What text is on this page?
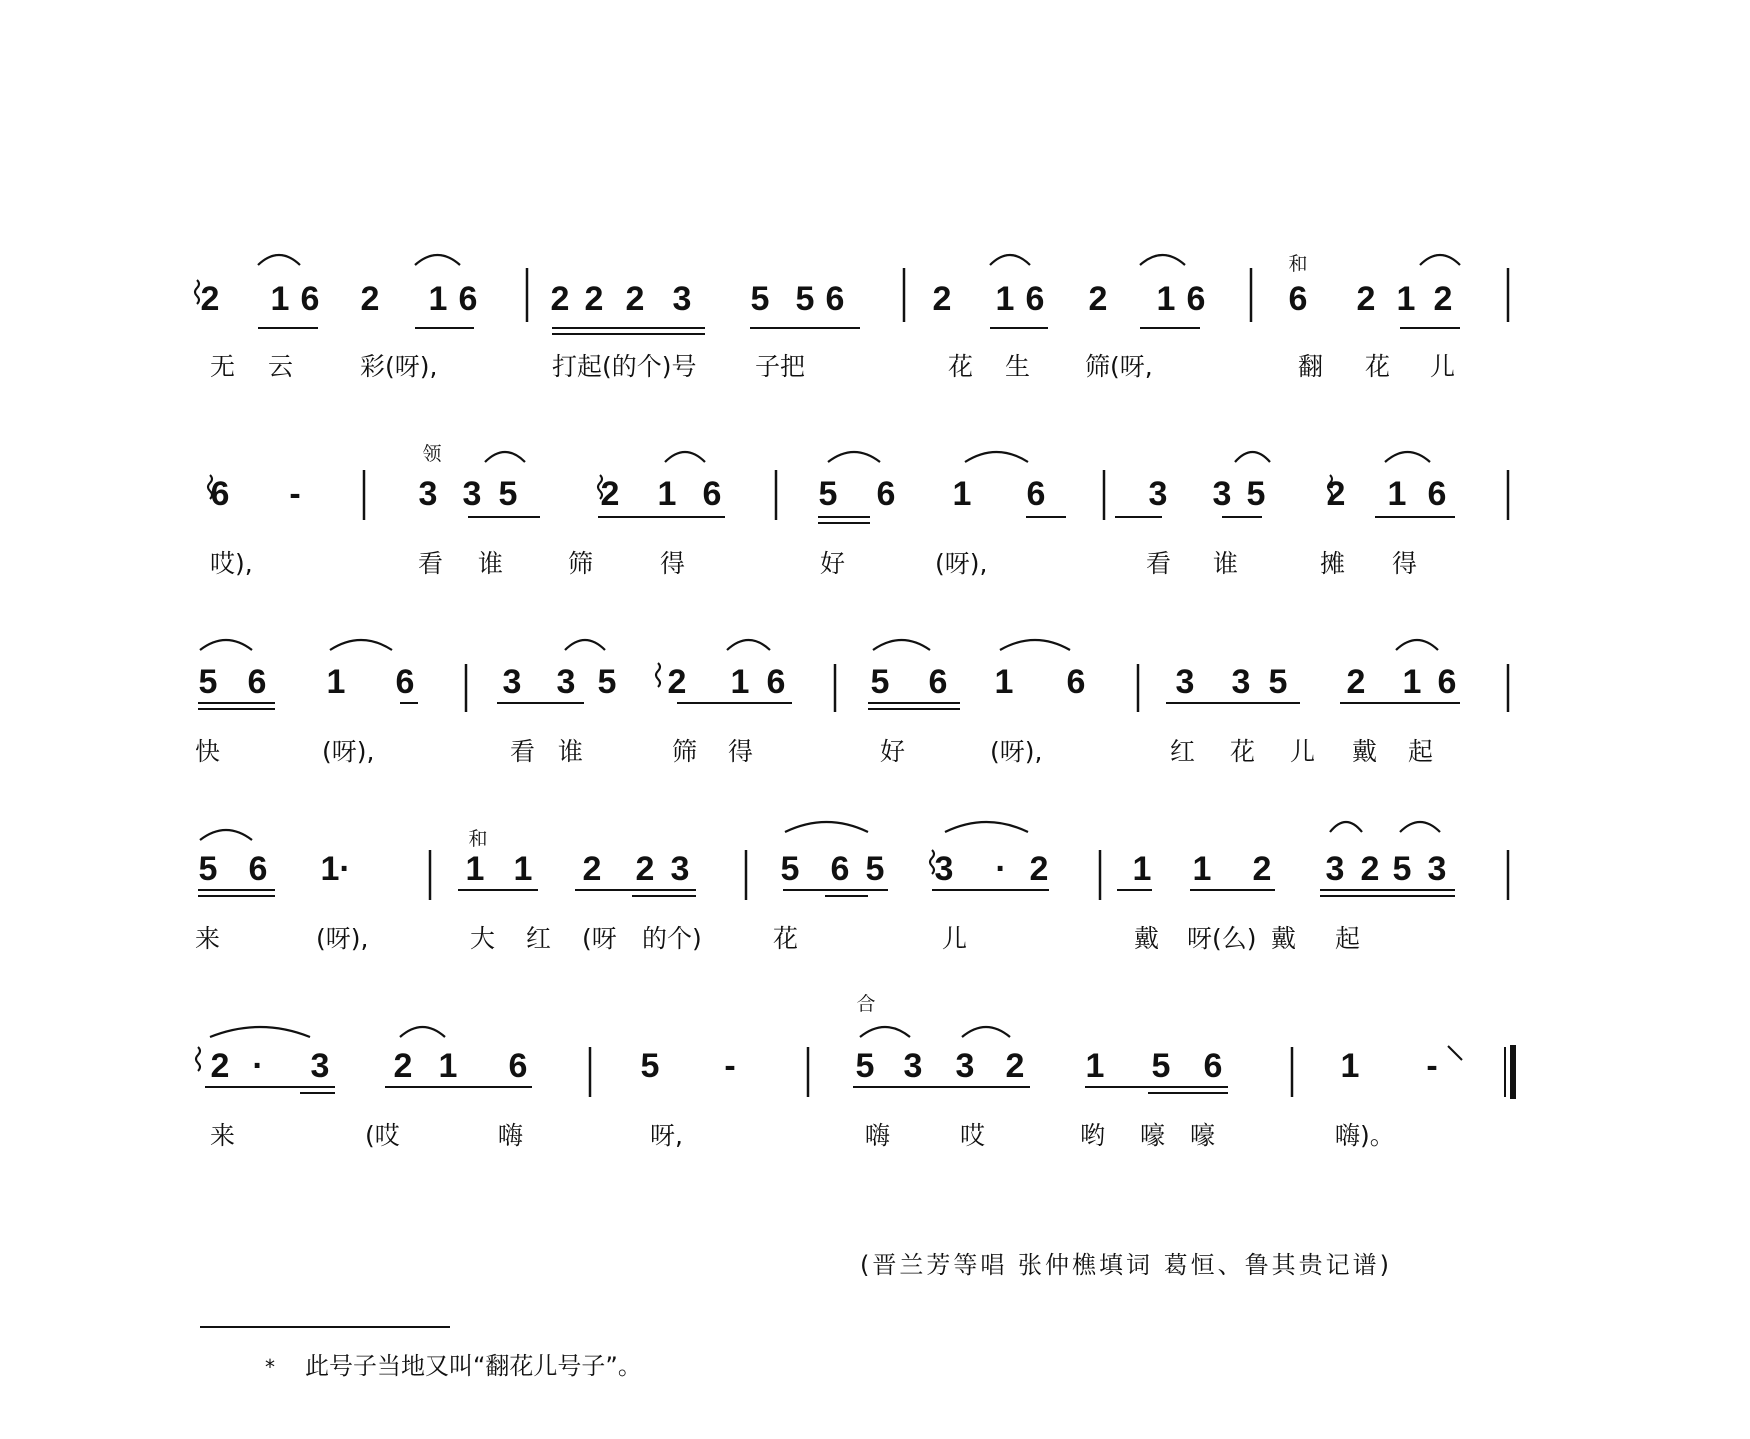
2 1 6 2 1 6 2 2 2 3 5 5 6	2 1 6 2 1 6 6 2 1 2
无 云	彩(呀),	打起(的个)号 子把	花 生 筛(呀,	翻 花 儿
和
6 -	3 3 5 2 1 6	5 6 1 6	3 3 5 2 1 6
哎),	看 谁	筛	得	好	(呀),	看 谁	摊 得
领
5 6 1 6	3 3 5 2 1 6	5 6 1 6	3 3 5 2 1 6
快	(呀),	看 谁	筛 得	好	(呀),	红 花 儿 戴 起
5 6 1 ·	1 1 2 2 3	5 6 5 3 · 2 1 1 2 3 2 5 3
来	(呀),	大 红 (呀 的个)	花	儿	戴 呀(么) 戴 起
和
2 · 3 2 1 6	5 -	5 3 3 2 1 5 6	1 -
来	(哎	嗨	呀,	嗨	哎	哟 嚎 嚎	嗨)。
合
(晋兰芳等唱 张仲樵填词 葛恒、鲁其贵记谱)
* 此号子当地又叫“翻花儿号子”。
